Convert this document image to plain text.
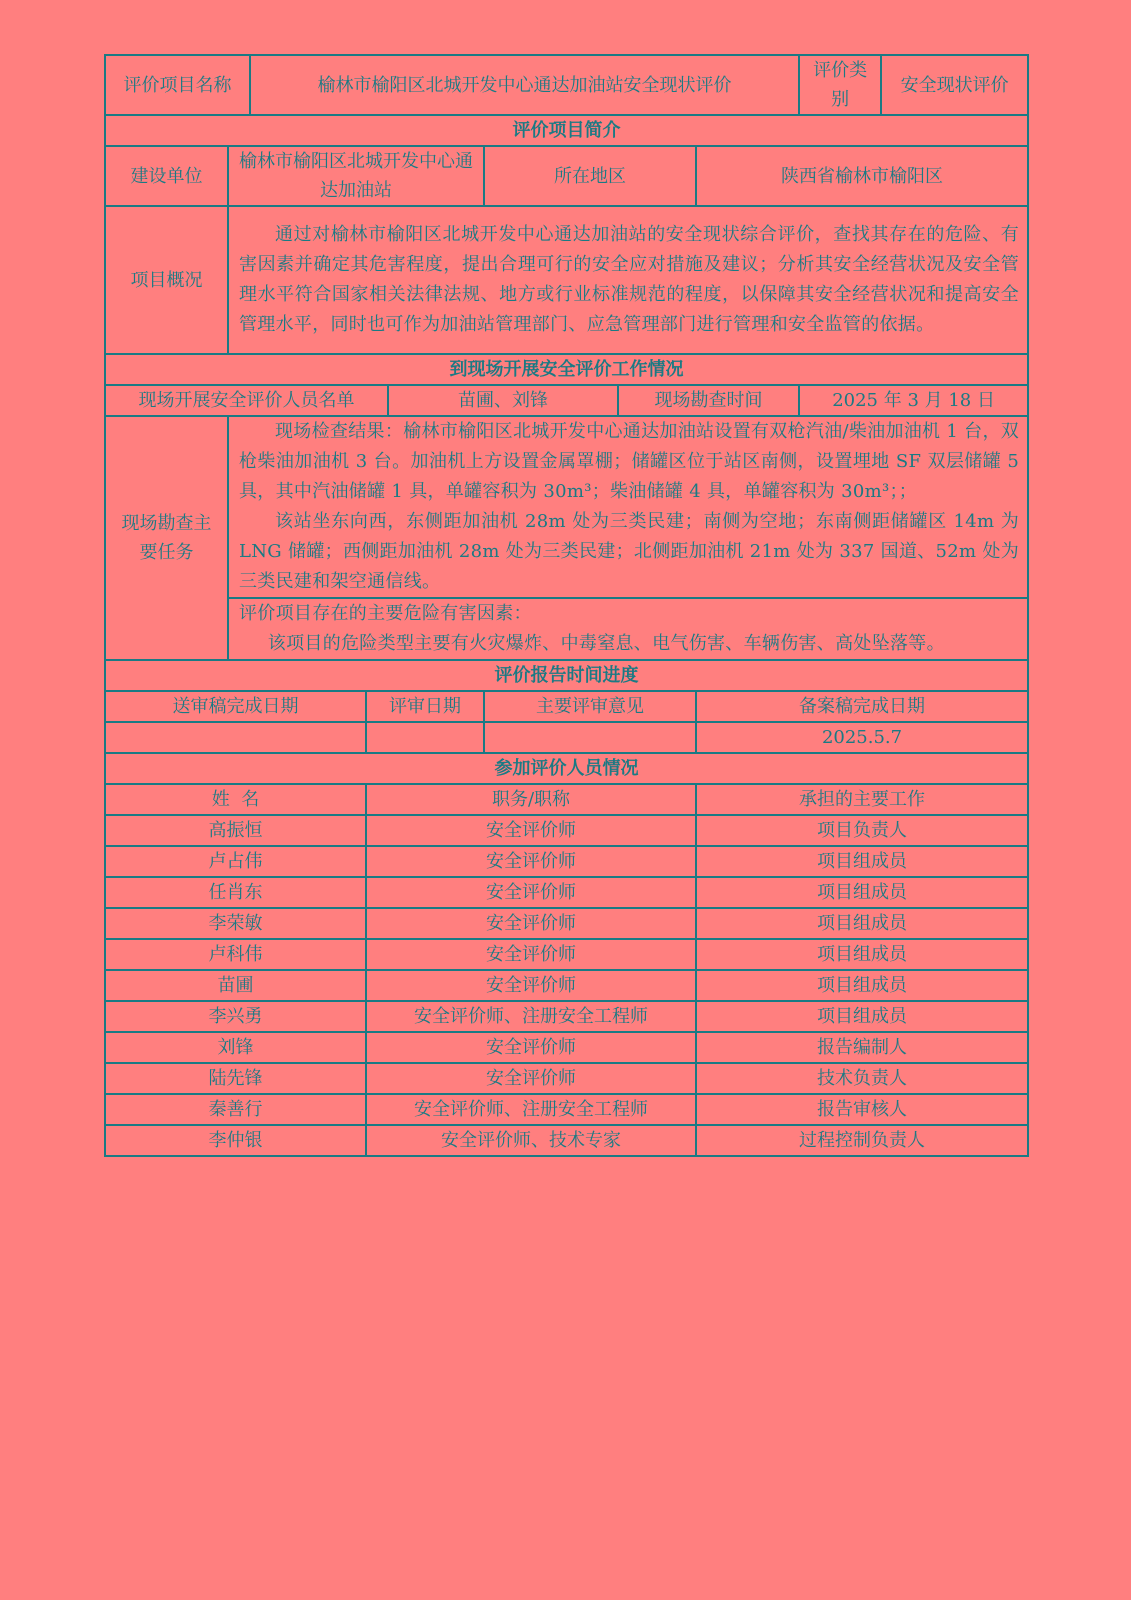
评价项目名称		榆林市榆阳区北城开发中心通达加油站安全现状评价						评价类别	安全现状评价
评价项目简介									
建设单位	榆林市榆阳区北城开发中心通达加油站				所在地区		陕西省榆林市榆阳区		
项目概况	通过对榆林市榆阳区北城开发中心通达加油站的安全现状综合评价，查找其存在的危险、有害因素并确定其危害程度，提出合理可行的安全应对措施及建议；分析其安全经营状况及安全管理水平符合国家相关法律法规、地方或行业标准规范的程度，以保障其安全经营状况和提高安全管理水平，同时也可作为加油站管理部门、应急管理部门进行管理和安全监管的依据。								

到现场开展安全评价工作情况									
现场开展安全评价人员名单				苗圃、刘锋		现场勘查时间		2025 年 3 月 18 日	
现场勘查主要任务	现场检查结果：榆林市榆阳区北城开发中心通达加油站设置有双枪汽油/柴油加油机 1 台，双枪柴油加油机 3 台。加油机上方设置金属罩棚；储罐区位于站区南侧，设置埋地 SF 双层储罐 5 具，其中汽油储罐 1 具，单罐容积为 30m³；柴油储罐 4 具，单罐容积为 30m³；；
该站坐东向西，东侧距加油机 28m 处为三类民建；南侧为空地；东南侧距储罐区 14m 为 LNG 储罐；西侧距加油机 28m 处为三类民建；北侧距加油机 21m 处为 337 国道、52m 处为三类民建和架空通信线。								

	评价项目存在的主要危险有害因素：
该项目的危险类型主要有火灾爆炸、中毒窒息、电气伤害、车辆伤害、高处坠落等。								

评价报告时间进度									
送审稿完成日期			评审日期		主要评审意见		备案稿完成日期		
							2025.5.7		
参加评价人员情况									
姓  名			职务/职称				承担的主要工作		
高振恒			安全评价师				项目负责人		
卢占伟			安全评价师				项目组成员		
任肖东			安全评价师				项目组成员		
李荣敏			安全评价师				项目组成员		
卢科伟			安全评价师				项目组成员		
苗圃			安全评价师				项目组成员		
李兴勇			安全评价师、注册安全工程师				项目组成员		
刘锋			安全评价师				报告编制人		
陆先锋			安全评价师				技术负责人		
秦善行			安全评价师、注册安全工程师				报告审核人		
李仲银			安全评价师、技术专家				过程控制负责人		
